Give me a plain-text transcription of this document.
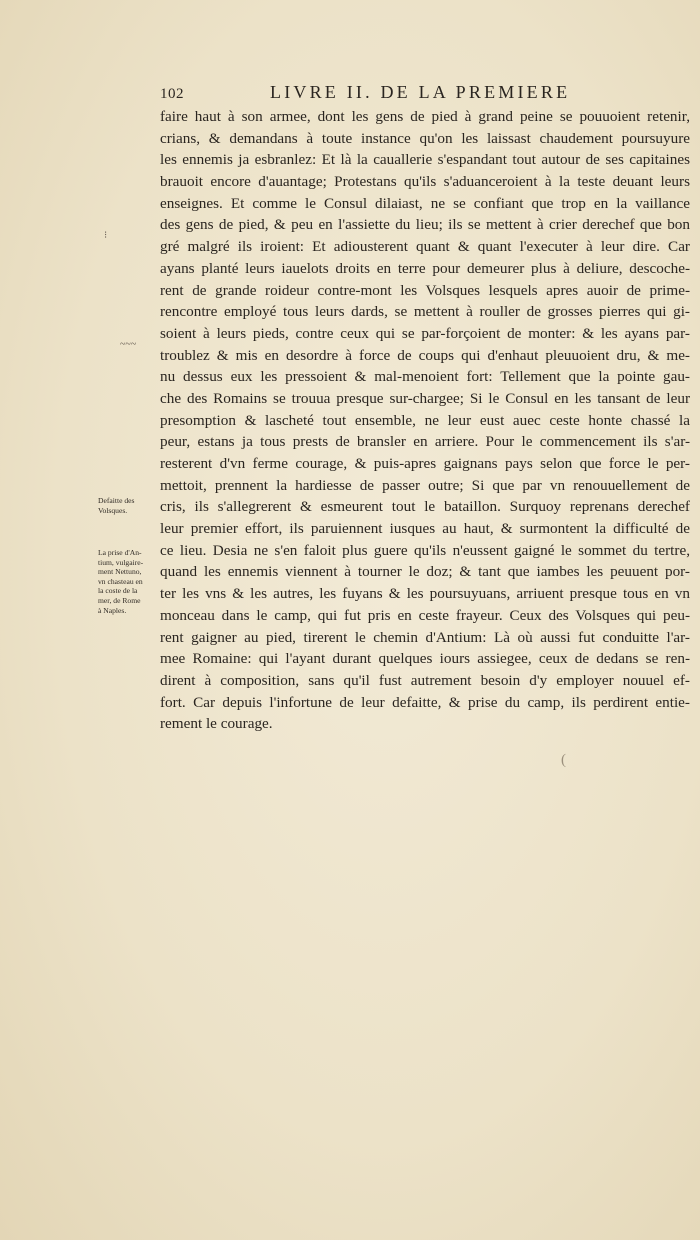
102	LIVRE II. DE LA PREMIERE
faire haut à son armee, dont les gens de pied à grand peine se pouuoient retenir,
crians, & demandans à toute instance qu'on les laissast chaudement poursuyure
les ennemis ja esbranlez: Et là la cauallerie s'espandant tout autour de ses capitaines
brauoit encore d'auantage; Protestans qu'ils s'aduanceroient à la teste deuant leurs
enseignes. Et comme le Consul dilaiast, ne se confiant que trop en la vaillance
des gens de pied, & peu en l'assiette du lieu; ils se mettent à crier derechef que bon
gré malgré ils iroient: Et adiousterent quant & quant l'executer à leur dire. Car
ayans planté leurs iauelots droits en terre pour demeurer plus à deliure, descoche-
rent de grande roideur contre-mont les Volsques lesquels apres auoir de prime-
rencontre employé tous leurs dards, se mettent à rouller de grosses pierres qui gi-
soient à leurs pieds, contre ceux qui se par-forçoient de monter: & les ayans par-
troublez & mis en desordre à force de coups qui d'enhaut pleuuoient dru, & me-
nu dessus eux les pressoient & mal-menoient fort: Tellement que la pointe gau-
che des Romains se trouua presque sur-chargee; Si le Consul en les tansant de leur
presomption & lascheté tout ensemble, ne leur eust auec ceste honte chassé la
peur, estans ja tous prests de bransler en arriere. Pour le commencement ils s'ar-
resterent d'vn ferme courage, & puis-apres gaignans pays selon que force le per-
mettoit, prennent la hardiesse de passer outre; Si que par vn renouuellement de
cris, ils s'allegrerent & esmeurent tout le bataillon. Surquoy reprenans derechef
leur premier effort, ils paruiennent iusques au haut, & surmontent la difficulté de
ce lieu. Desia ne s'en faloit plus guere qu'ils n'eussent gaigné le sommet du tertre,
quand les ennemis viennent à tourner le doz; & tant que iambes les peuuent por-
ter les vns & les autres, les fuyans & les poursuyuans, arriuent presque tous en vn
monceau dans le camp, qui fut pris en ceste frayeur. Ceux des Volsques qui peu-
rent gaigner au pied, tirerent le chemin d'Antium: Là où aussi fut conduitte l'ar-
mee Romaine: qui l'ayant durant quelques iours assiegee, ceux de dedans se ren-
dirent à composition, sans qu'il fust autrement besoin d'y employer nouuel ef-
fort. Car depuis l'infortune de leur defaitte, & prise du camp, ils perdirent entie-
rement le courage.
Defaitte des
Volsques.
La prise d'An-
tium, vulgaire-
ment Nettuno,
vn chasteau en
la coste de la
mer, de Rome
à Naples.
⁝
~~~
(
